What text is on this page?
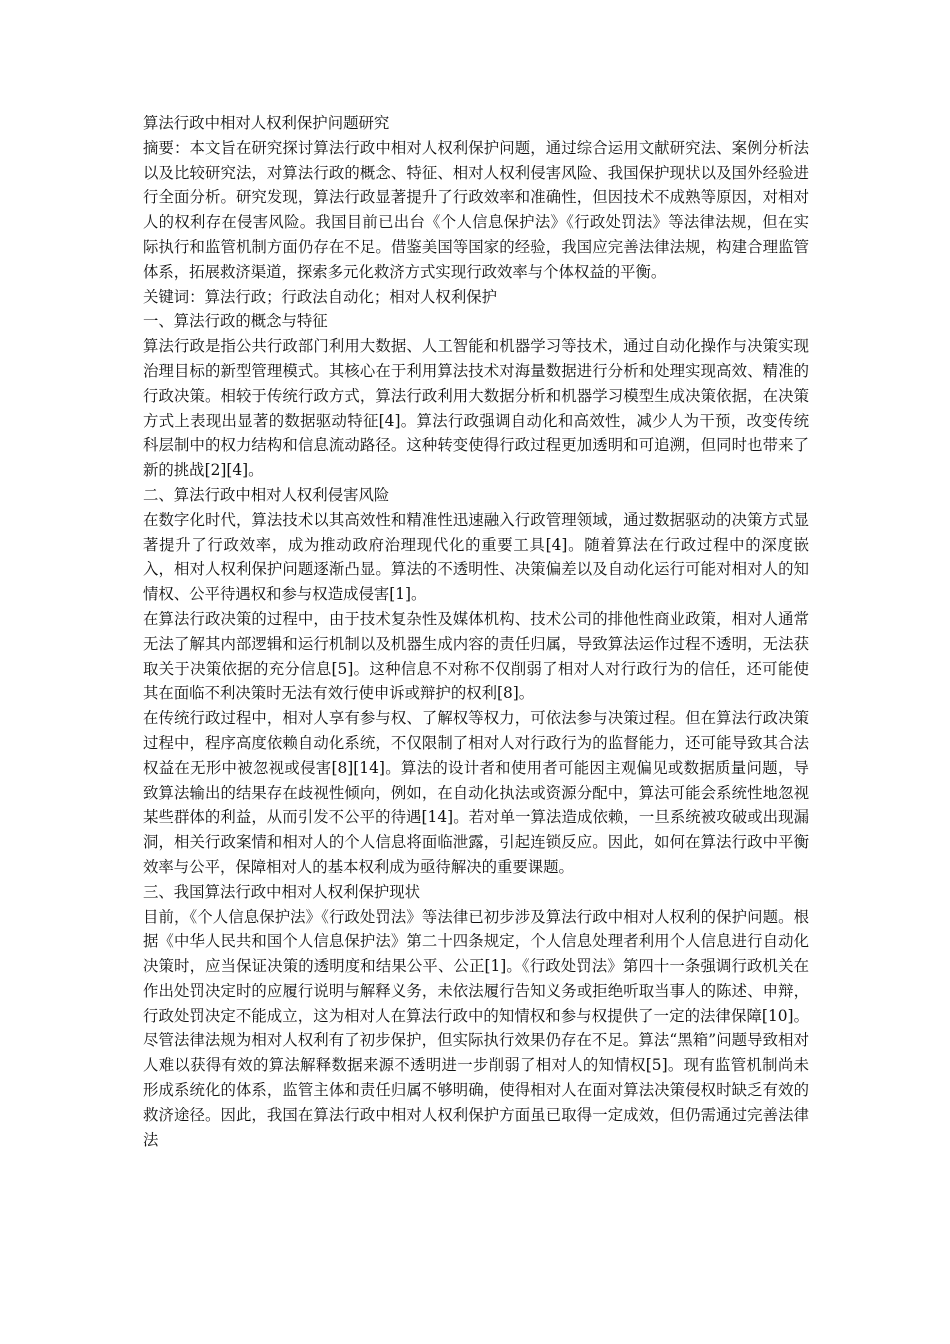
算法行政中相对人权利保护问题研究

摘要：本文旨在研究探讨算法行政中相对人权利保护问题，通过综合运用文献研究法、案例分析法以及比较研究法，对算法行政的概念、特征、相对人权利侵害风险、我国保护现状以及国外经验进行全面分析。研究发现，算法行政显著提升了行政效率和准确性，但因技术不成熟等原因，对相对人的权利存在侵害风险。我国目前已出台《个人信息保护法》《行政处罚法》等法律法规，但在实际执行和监管机制方面仍存在不足。借鉴美国等国家的经验，我国应完善法律法规，构建合理监管体系，拓展救济渠道，探索多元化救济方式实现行政效率与个体权益的平衡。

关键词：算法行政；行政法自动化；相对人权利保护

一、算法行政的概念与特征

算法行政是指公共行政部门利用大数据、人工智能和机器学习等技术，通过自动化操作与决策实现治理目标的新型管理模式。其核心在于利用算法技术对海量数据进行分析和处理实现高效、精准的行政决策。相较于传统行政方式，算法行政利用大数据分析和机器学习模型生成决策依据，在决策方式上表现出显著的数据驱动特征[4]。算法行政强调自动化和高效性，减少人为干预，改变传统科层制中的权力结构和信息流动路径。这种转变使得行政过程更加透明和可追溯，但同时也带来了新的挑战[2][4]。

二、算法行政中相对人权利侵害风险

在数字化时代，算法技术以其高效性和精准性迅速融入行政管理领域，通过数据驱动的决策方式显著提升了行政效率，成为推动政府治理现代化的重要工具[4]。随着算法在行政过程中的深度嵌入，相对人权利保护问题逐渐凸显。算法的不透明性、决策偏差以及自动化运行可能对相对人的知情权、公平待遇权和参与权造成侵害[1]。

在算法行政决策的过程中，由于技术复杂性及媒体机构、技术公司的排他性商业政策，相对人通常无法了解其内部逻辑和运行机制以及机器生成内容的责任归属，导致算法运作过程不透明，无法获取关于决策依据的充分信息[5]。这种信息不对称不仅削弱了相对人对行政行为的信任，还可能使其在面临不利决策时无法有效行使申诉或辩护的权利[8]。

在传统行政过程中，相对人享有参与权、了解权等权力，可依法参与决策过程。但在算法行政决策过程中，程序高度依赖自动化系统，不仅限制了相对人对行政行为的监督能力，还可能导致其合法权益在无形中被忽视或侵害[8][14]。算法的设计者和使用者可能因主观偏见或数据质量问题，导致算法输出的结果存在歧视性倾向，例如，在自动化执法或资源分配中，算法可能会系统性地忽视某些群体的利益，从而引发不公平的待遇[14]。若对单一算法造成依赖，一旦系统被攻破或出现漏洞，相关行政案情和相对人的个人信息将面临泄露，引起连锁反应。因此，如何在算法行政中平衡效率与公平，保障相对人的基本权利成为亟待解决的重要课题。

三、我国算法行政中相对人权利保护现状

目前，《个人信息保护法》《行政处罚法》等法律已初步涉及算法行政中相对人权利的保护问题。根据《中华人民共和国个人信息保护法》第二十四条规定，个人信息处理者利用个人信息进行自动化决策时，应当保证决策的透明度和结果公平、公正[1]。《行政处罚法》第四十一条强调行政机关在作出处罚决定时的应履行说明与解释义务，未依法履行告知义务或拒绝听取当事人的陈述、申辩，行政处罚决定不能成立，这为相对人在算法行政中的知情权和参与权提供了一定的法律保障[10]。尽管法律法规为相对人权利有了初步保护，但实际执行效果仍存在不足。算法“黑箱”问题导致相对人难以获得有效的算法解释数据来源不透明进一步削弱了相对人的知情权[5]。现有监管机制尚未形成系统化的体系，监管主体和责任归属不够明确，使得相对人在面对算法决策侵权时缺乏有效的救济途径。因此，我国在算法行政中相对人权利保护方面虽已取得一定成效，但仍需通过完善法律法
